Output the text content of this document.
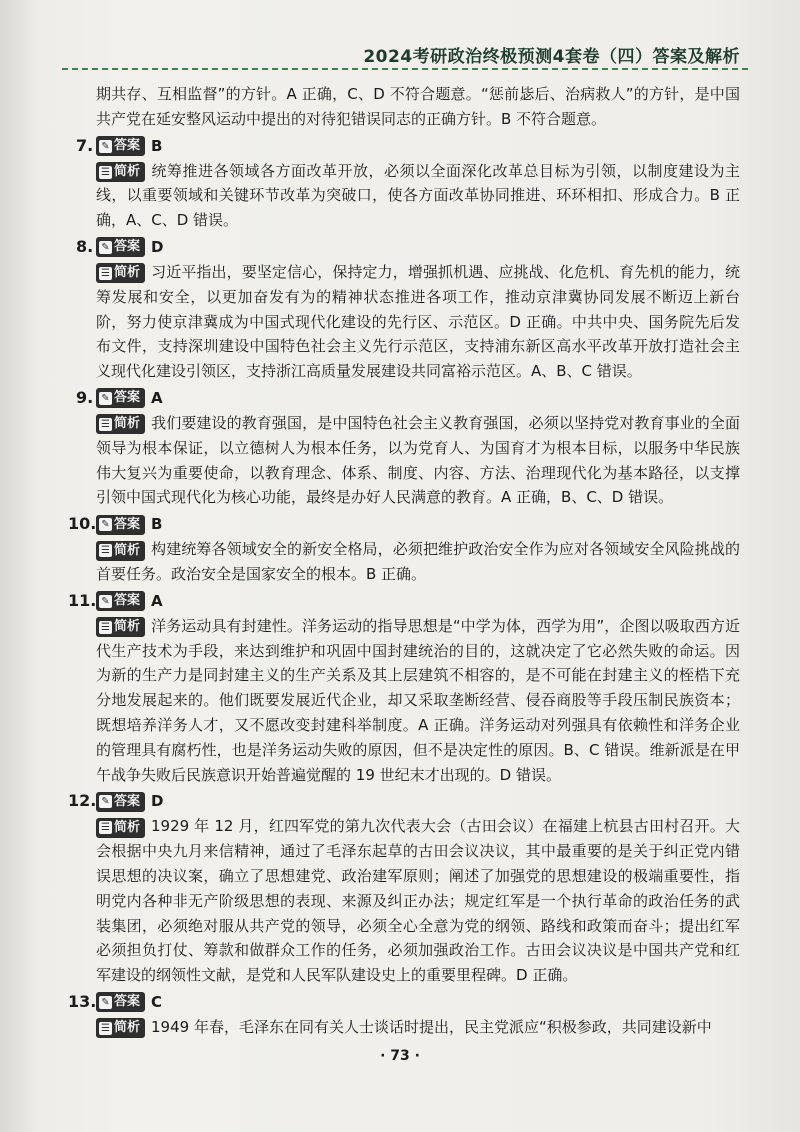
2024考研政治终极预测4套卷（四）答案及解析

期共存、互相监督”的方针。A 正确，C、D 不符合题意。“惩前毖后、治病救人”的方针，是中国共产党在延安整风运动中提出的对待犯错误同志的正确方针。B 不符合题意。

7. ✎ 答案 B

☰ 简析 统筹推进各领域各方面改革开放，必须以全面深化改革总目标为引领，以制度建设为主线，以重要领域和关键环节改革为突破口，使各方面改革协同推进、环环相扣、形成合力。B 正确，A、C、D 错误。

8. ✎ 答案 D

☰ 简析 习近平指出，要坚定信心，保持定力，增强抓机遇、应挑战、化危机、育先机的能力，统筹发展和安全，以更加奋发有为的精神状态推进各项工作，推动京津冀协同发展不断迈上新台阶，努力使京津冀成为中国式现代化建设的先行区、示范区。D 正确。中共中央、国务院先后发布文件，支持深圳建设中国特色社会主义先行示范区，支持浦东新区高水平改革开放打造社会主义现代化建设引领区，支持浙江高质量发展建设共同富裕示范区。A、B、C 错误。

9. ✎ 答案 A

☰ 简析 我们要建设的教育强国，是中国特色社会主义教育强国，必须以坚持党对教育事业的全面领导为根本保证，以立德树人为根本任务，以为党育人、为国育才为根本目标，以服务中华民族伟大复兴为重要使命，以教育理念、体系、制度、内容、方法、治理现代化为基本路径，以支撑引领中国式现代化为核心功能，最终是办好人民满意的教育。A 正确，B、C、D 错误。

10. ✎ 答案 B

☰ 简析 构建统筹各领域安全的新安全格局，必须把维护政治安全作为应对各领域安全风险挑战的首要任务。政治安全是国家安全的根本。B 正确。

11. ✎ 答案 A

☰ 简析 洋务运动具有封建性。洋务运动的指导思想是“中学为体，西学为用”，企图以吸取西方近代生产技术为手段，来达到维护和巩固中国封建统治的目的，这就决定了它必然失败的命运。因为新的生产力是同封建主义的生产关系及其上层建筑不相容的，是不可能在封建主义的桎梏下充分地发展起来的。他们既要发展近代企业，却又采取垄断经营、侵吞商股等手段压制民族资本；既想培养洋务人才，又不愿改变封建科举制度。A 正确。洋务运动对列强具有依赖性和洋务企业的管理具有腐朽性，也是洋务运动失败的原因，但不是决定性的原因。B、C 错误。维新派是在甲午战争失败后民族意识开始普遍觉醒的 19 世纪末才出现的。D 错误。

12. ✎ 答案 D

☰ 简析 1929 年 12 月，红四军党的第九次代表大会（古田会议）在福建上杭县古田村召开。大会根据中央九月来信精神，通过了毛泽东起草的古田会议决议，其中最重要的是关于纠正党内错误思想的决议案，确立了思想建党、政治建军原则；阐述了加强党的思想建设的极端重要性，指明党内各种非无产阶级思想的表现、来源及纠正办法；规定红军是一个执行革命的政治任务的武装集团，必须绝对服从共产党的领导，必须全心全意为党的纲领、路线和政策而奋斗；提出红军必须担负打仗、筹款和做群众工作的任务，必须加强政治工作。古田会议决议是中国共产党和红军建设的纲领性文献，是党和人民军队建设史上的重要里程碑。D 正确。

13. ✎ 答案 C

☰ 简析 1949 年春，毛泽东在同有关人士谈话时提出，民主党派应“积极参政，共同建设新中

· 73 ·
